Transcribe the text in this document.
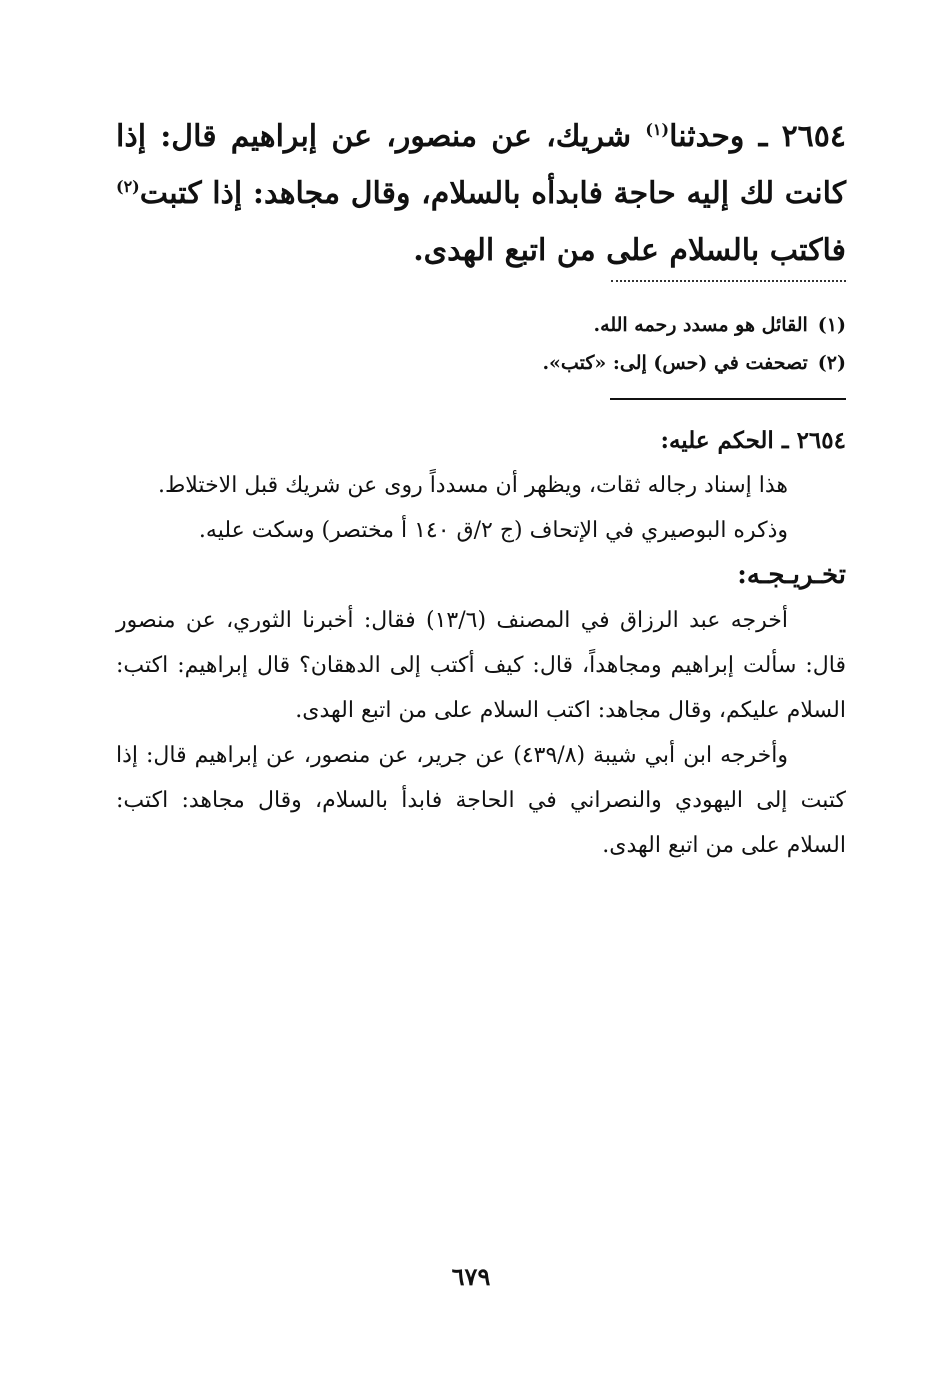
٢٦٥٤ ـ وحدثنا$^{(١)}$ شريك، عن منصور، عن إبراهيم قال: إذا كانت لك إليه حاجة فابدأه بالسلام، وقال مجاهد: إذا كتبت$^{(٢)}$ فاكتب بالسلام على من اتبع الهدى.
(١)
القائل هو مسدد رحمه الله.
(٢)
تصحفت في (حس) إلى: «كتب».

٢٦٥٤ ـ الحكم عليه:

هذا إسناد رجاله ثقات، ويظهر أن مسدداً روى عن شريك قبل الاختلاط.

وذكره البوصيري في الإتحاف (ج ٢/ق ١٤٠ أ مختصر) وسكت عليه.

تخـريـجـه:

أخرجه عبد الرزاق في المصنف (١٣/٦) فقال: أخبرنا الثوري، عن منصور قال: سألت إبراهيم ومجاهداً، قال: كيف أكتب إلى الدهقان؟ قال إبراهيم: اكتب: السلام عليكم، وقال مجاهد: اكتب السلام على من اتبع الهدى.

وأخرجه ابن أبي شيبة (٤٣٩/٨) عن جرير، عن منصور، عن إبراهيم قال: إذا كتبت إلى اليهودي والنصراني في الحاجة فابدأ بالسلام، وقال مجاهد: اكتب: السلام على من اتبع الهدى.

٦٧٩
